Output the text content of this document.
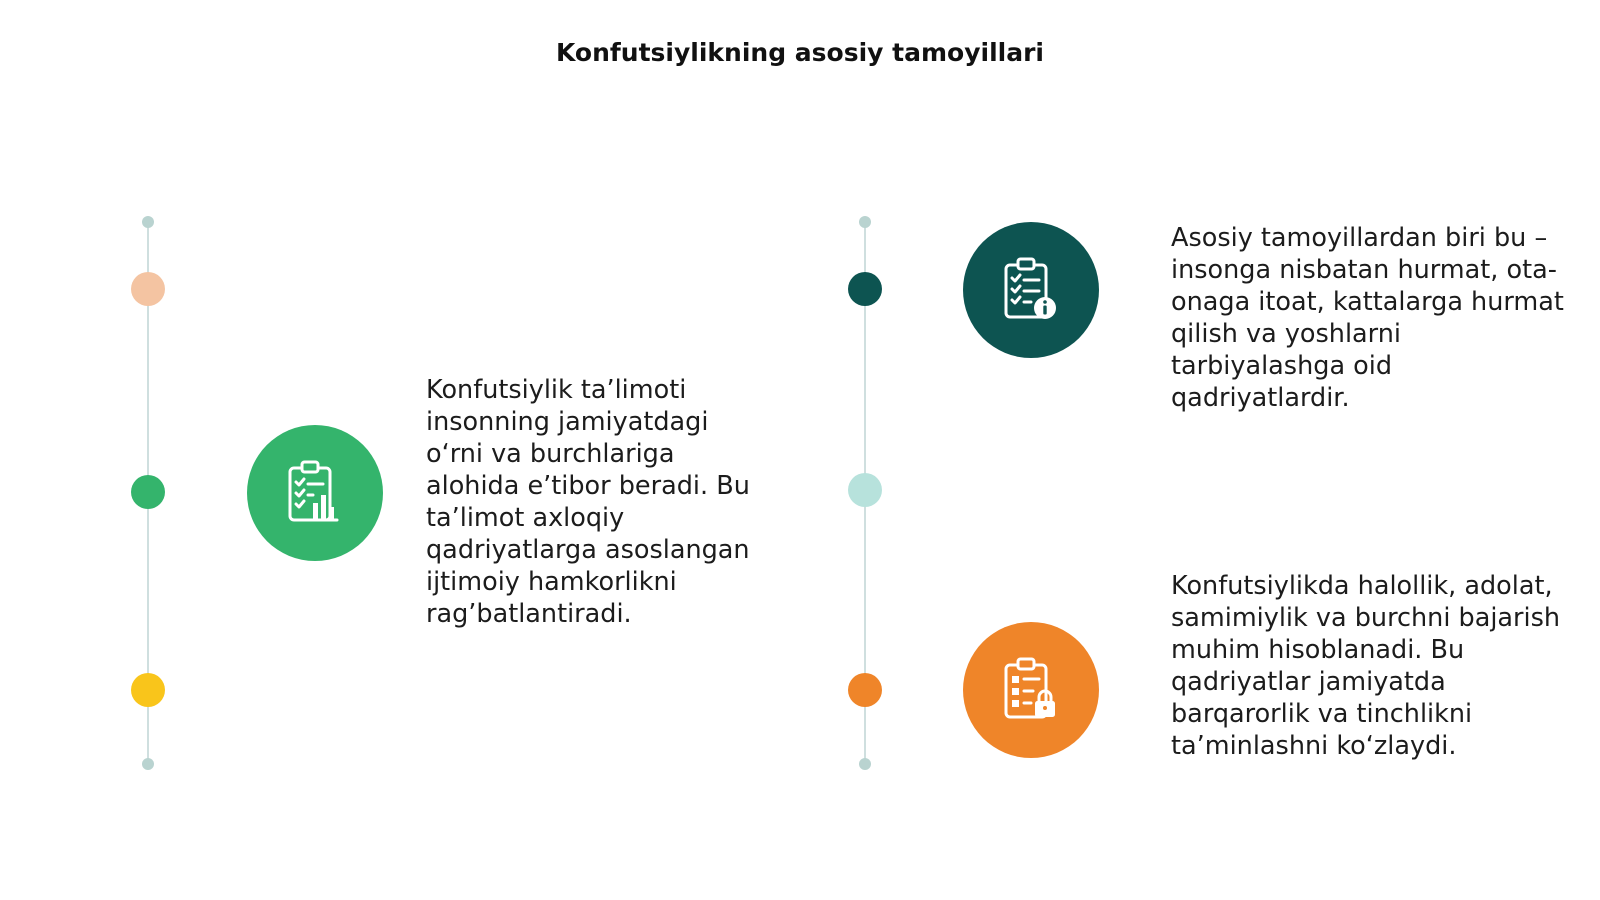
Konfutsiylikning asosiy tamoyillari
Konfutsiylik ta’limoti insonning jamiyatdagi o‘rni va burchlariga alohida e’tibor beradi. Bu ta’limot axloqiy qadriyatlarga asoslangan ijtimoiy hamkorlikni rag’batlantiradi.
Asosiy tamoyillardan biri bu – insonga nisbatan hurmat, ota-onaga itoat, kattalarga hurmat qilish va yoshlarni tarbiyalashga oid qadriyatlardir.
Konfutsiylikda halollik, adolat, samimiylik va burchni bajarish muhim hisoblanadi. Bu qadriyatlar jamiyatda barqarorlik va tinchlikni ta’minlashni ko‘zlaydi.
